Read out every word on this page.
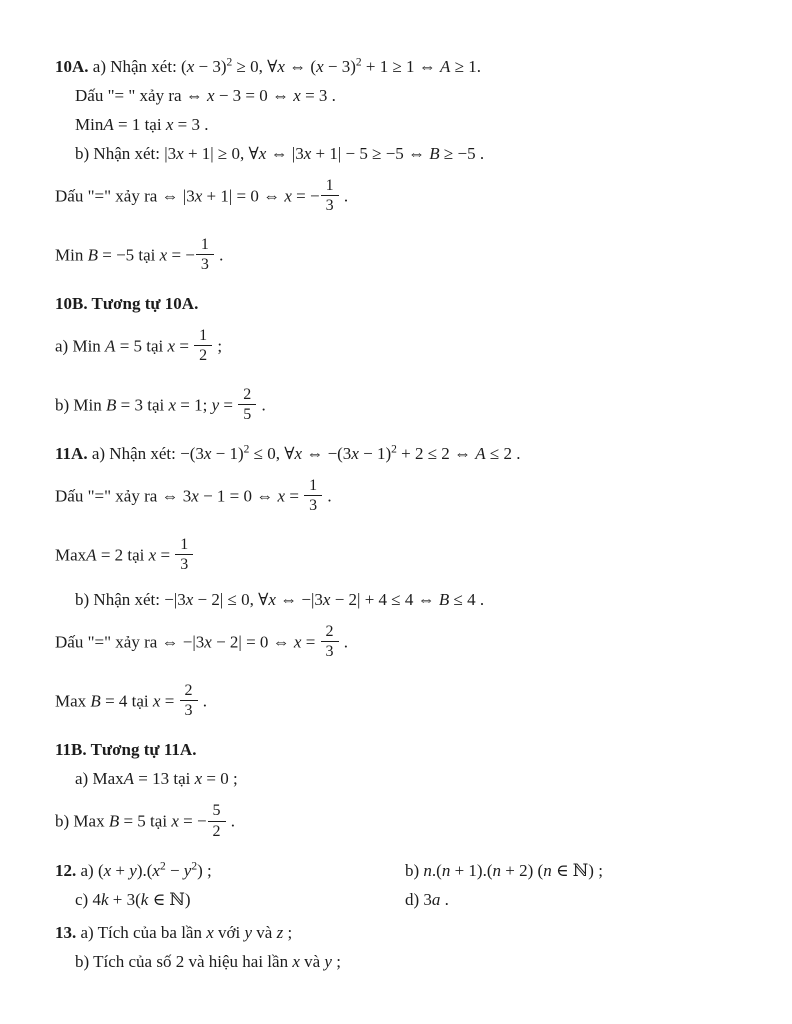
10A. a) Nhận xét: $(x - 3)^2 \ge 0$, ∀x ⇔ $(x - 3)^2 + 1 \ge 1$ ⇔ A ≥ 1.
Dấu "= " xảy ra ⇔ x − 3 = 0 ⇔ x = 3 .
MinA = 1 tại x = 3 .
b) Nhận xét: |3x + 1| ≥ 0, ∀x ⇔ |3x + 1| − 5 ≥ −5 ⇔ B ≥ −5 .
Dấu "=" xảy ra ⇔ |3x + 1| = 0 ⇔ x = − $\frac{1}{3}$ .
Min B = −5 tại x = − $\frac{1}{3}$ .
10B. Tương tự 10A.
a) Min A = 5 tại $x = \frac{1}{2}$ ;
b) Min B = 3 tại x = 1; $y = \frac{2}{5}$ .
11A. a) Nhận xét: $-(3x - 1)^2 \le 0$, ∀x ⇔ $-(3x - 1)^2 + 2 \le 2$ ⇔ A ≤ 2 .
Dấu "=" xảy ra ⇔ 3x − 1 = 0 ⇔ $x = \frac{1}{3}$ .
MaxA = 2 tại $x = \frac{1}{3}$
b) Nhận xét: −|3x − 2| ≤ 0, ∀x ⇔ −|3x − 2| + 4 ≤ 4 ⇔ B ≤ 4 .
Dấu "=" xảy ra ⇔ −|3x − 2| = 0 ⇔ $x = \frac{2}{3}$ .
Max B = 4 tại $x = \frac{2}{3}$ .
11B. Tương tự 11A.
a) MaxA = 13 tại x = 0 ;
b) Max B = 5 tại x = − $\frac{5}{2}$ .
12. a) $(x + y).(x^2 - y^2)$ ;	b) n.(n + 1).(n + 2) (n ∈ ℕ) ;
c) 4k + 3(k ∈ ℕ)	d) 3a .
13. a) Tích của ba lần x với y và z ;
b) Tích của số 2 và hiệu hai lần x và y ;
